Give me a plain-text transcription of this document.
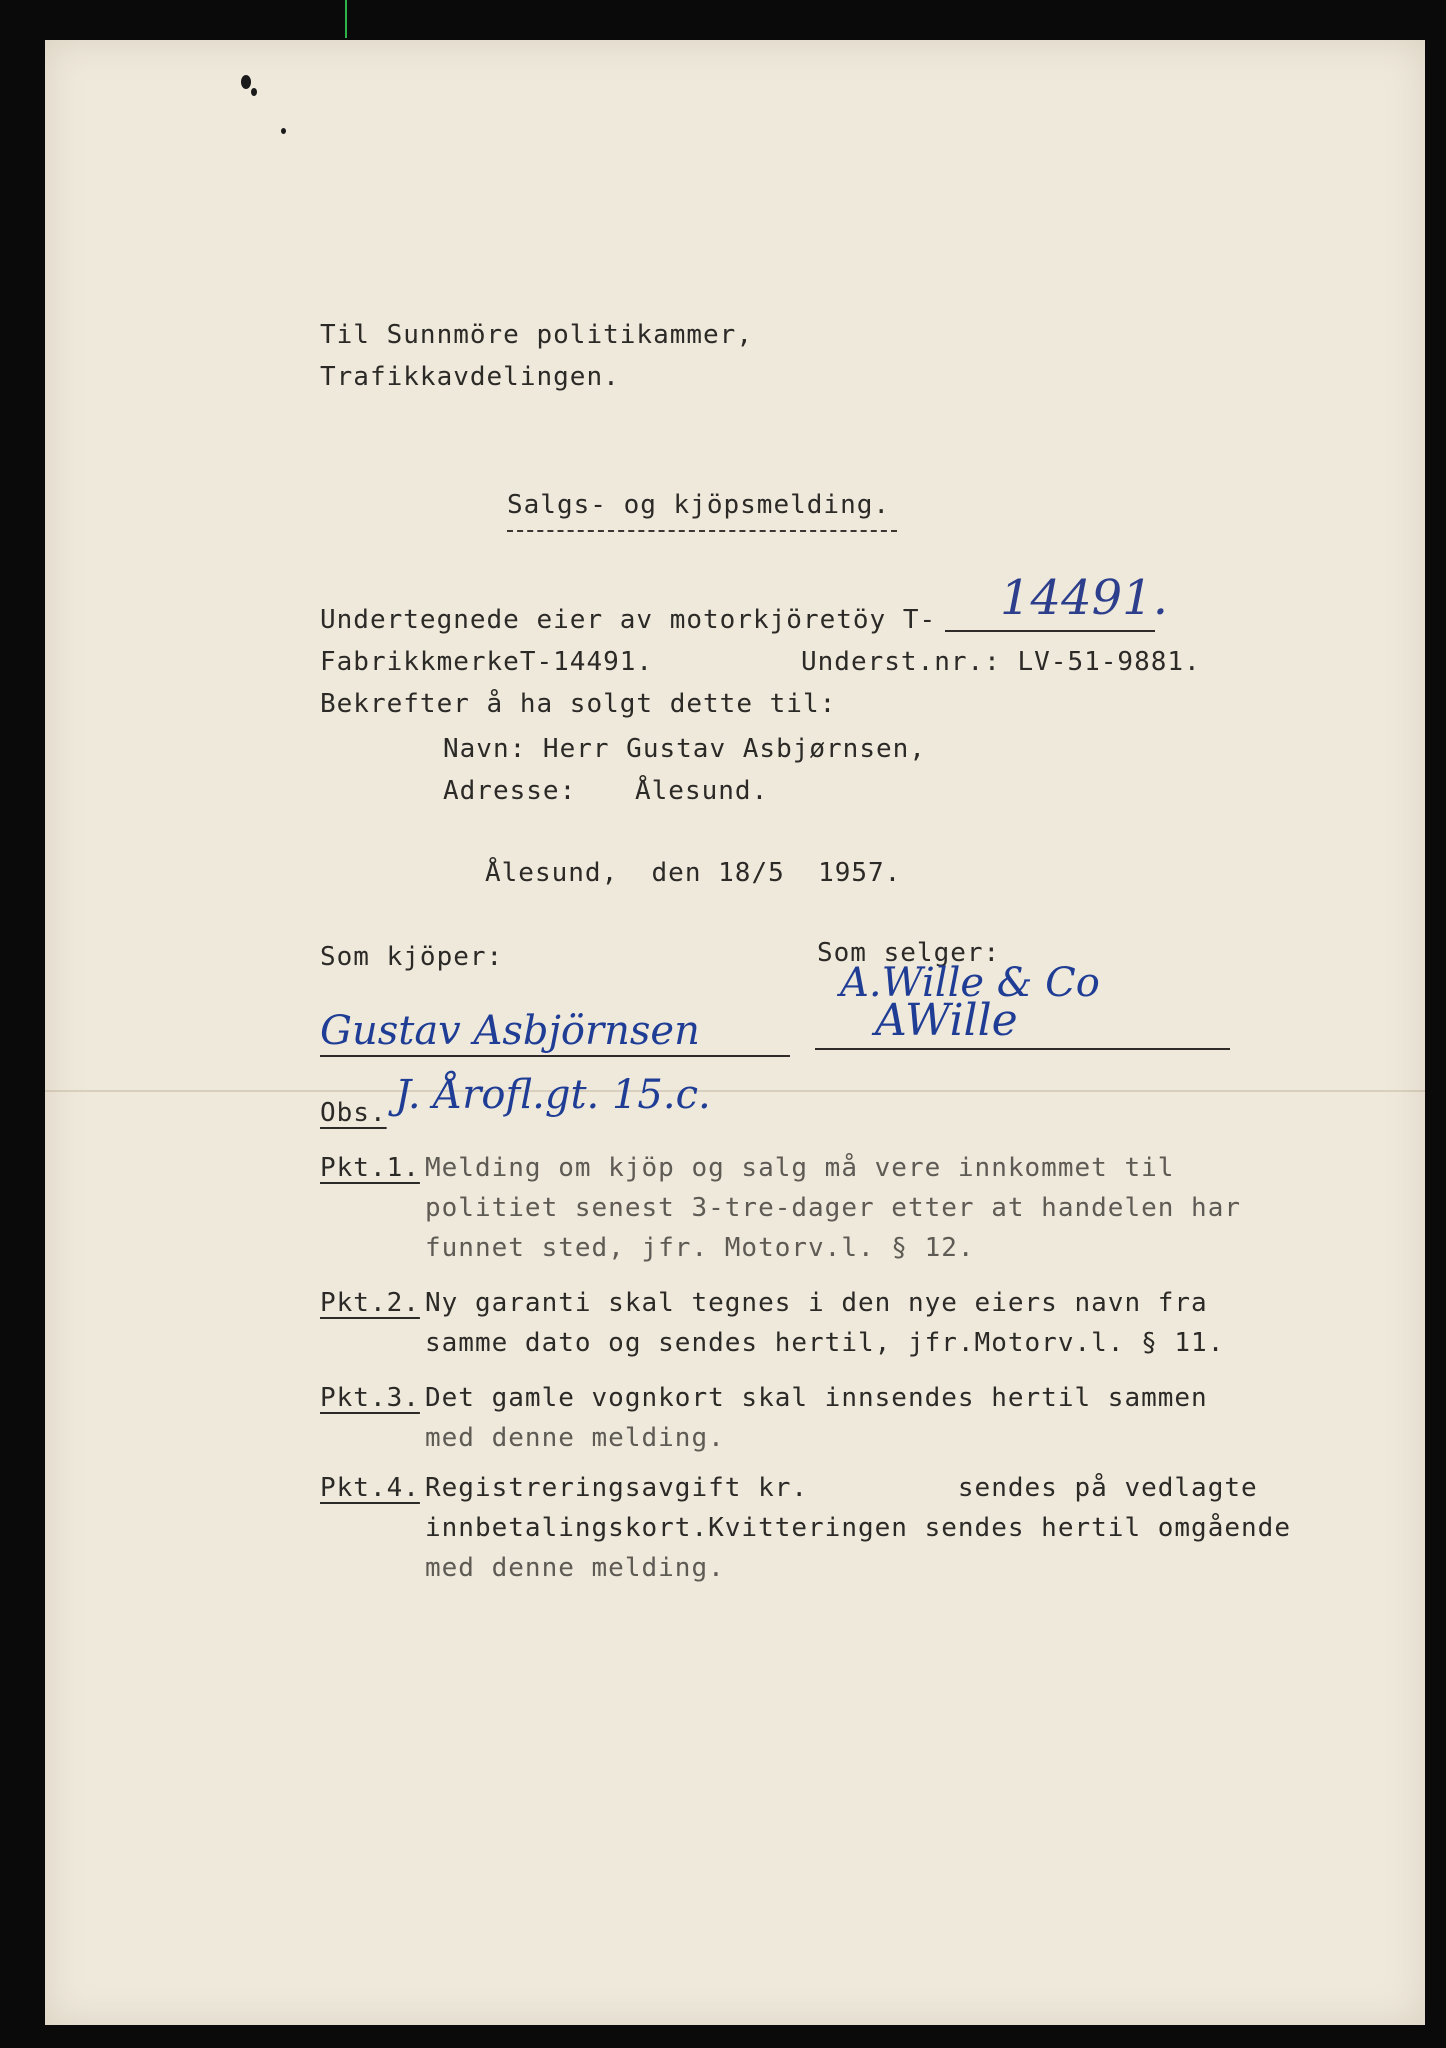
Til Sunnmöre politikammer,
Trafikkavdelingen.
Salgs- og kjöpsmelding.
Undertegnede eier av motorkjöretöy T- 14491.
FabrikkmerkeT-14491.	Underst.nr.: LV-51-9881.
Bekrefter å ha solgt dette til:
Navn: Herr Gustav Asbjørnsen,
Adresse: Ålesund.
Ålesund,  den 18/5  1957.
Som kjöper:	Som selger:
A.Wille & Co
AWille
Gustav Asbjörnsen
J. Årofl.gt. 15.c.
Obs.
Pkt.1. Melding om kjöp og salg må vere innkommet til
politiet senest 3-tre-dager etter at handelen har
funnet sted, jfr. Motorv.l. § 12.
Pkt.2. Ny garanti skal tegnes i den nye eiers navn fra
samme dato og sendes hertil, jfr.Motorv.l. § 11.
Pkt.3. Det gamle vognkort skal innsendes hertil sammen
med denne melding.
Pkt.4. Registreringsavgift kr.         sendes på vedlagte
innbetalingskort.Kvitteringen sendes hertil omgående
med denne melding.
